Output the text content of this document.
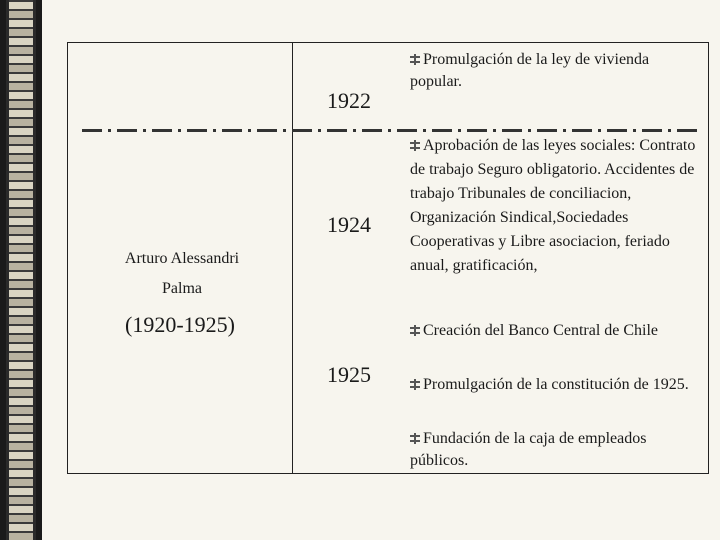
1922
1924
1925
Arturo Alessandri
Palma
(1920-1925)
Promulgación de la ley de vivienda popular.
Aprobación de las leyes sociales: Contrato de trabajo Seguro obligatorio. Accidentes de trabajo Tribunales de conciliacion, Organización Sindical,Sociedades Cooperativas y Libre asociacion, feriado anual, gratificación,
Creación del Banco Central de Chile
Promulgación de la constitución de 1925.
Fundación de la caja de empleados públicos.
